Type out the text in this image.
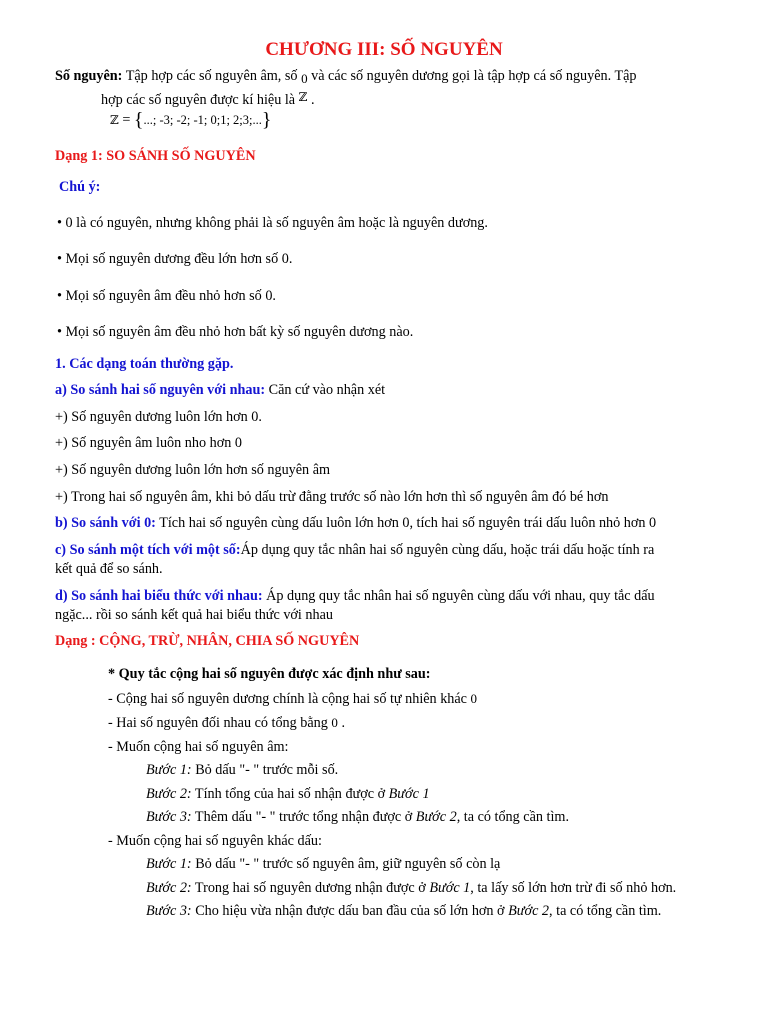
CHƯƠNG III: SỐ NGUYÊN
Số nguyên: Tập hợp các số nguyên âm, số 0 và các số nguyên dương gọi là tập hợp cá số nguyên. Tập
hợp các số nguyên được kí hiệu là $^ℤ$ .
ℤ = {...; -3; -2; -1; 0;1; 2;3;...}
Dạng 1: SO SÁNH SỐ NGUYÊN
Chú ý:
• 0 là có nguyên, nhưng không phải là số nguyên âm hoặc là nguyên dương.
• Mọi số nguyên dương đều lớn hơn số 0.
• Mọi số nguyên âm đều nhỏ hơn số 0.
• Mọi số nguyên âm đều nhỏ hơn bất kỳ số nguyên dương nào.
1. Các dạng toán thường gặp.
a) So sánh hai số nguyên với nhau: Căn cứ vào nhận xét
+) Số nguyên dương luôn lớn hơn 0.
+) Số nguyên âm luôn nho hơn 0
+) Số nguyên dương luôn lớn hơn số nguyên âm
+) Trong hai số nguyên âm, khi bỏ dấu trừ đằng trước số nào lớn hơn thì số nguyên âm đó bé hơn
b) So sánh với 0: Tích hai số nguyên cùng dấu luôn lớn hơn 0, tích hai số nguyên trái dấu luôn nhỏ hơn 0
c) So sánh một tích với một số:Áp dụng quy tắc nhân hai số nguyên cùng dấu, hoặc trái dấu hoặc tính ra
kết quả để so sánh.
d) So sánh hai biểu thức với nhau: Áp dụng quy tắc nhân hai số nguyên cùng dấu với nhau, quy tắc dấu
ngặc... rồi so sánh kết quả hai biểu thức với nhau
Dạng : CỘNG, TRỪ, NHÂN, CHIA SỐ NGUYÊN
* Quy tắc cộng hai số nguyên được xác định như sau:
- Cộng hai số nguyên dương chính là cộng hai số tự nhiên khác 0
- Hai số nguyên đối nhau có tổng bằng 0 .
- Muốn cộng hai số nguyên âm:
Bước 1: Bỏ dấu "- " trước mỗi số.
Bước 2: Tính tổng của hai số nhận được ở Bước 1
Bước 3: Thêm dấu "- " trước tổng nhận được ở Bước 2, ta có tổng cần tìm.
- Muốn cộng hai số nguyên khác dấu:
Bước 1: Bỏ dấu "- " trước số nguyên âm, giữ nguyên số còn lạ
Bước 2: Trong hai số nguyên dương nhận được ở Bước 1, ta lấy số lớn hơn trừ đi số nhỏ hơn.
Bước 3: Cho hiệu vừa nhận được dấu ban đầu của số lớn hơn ở Bước 2, ta có tổng cần tìm.
